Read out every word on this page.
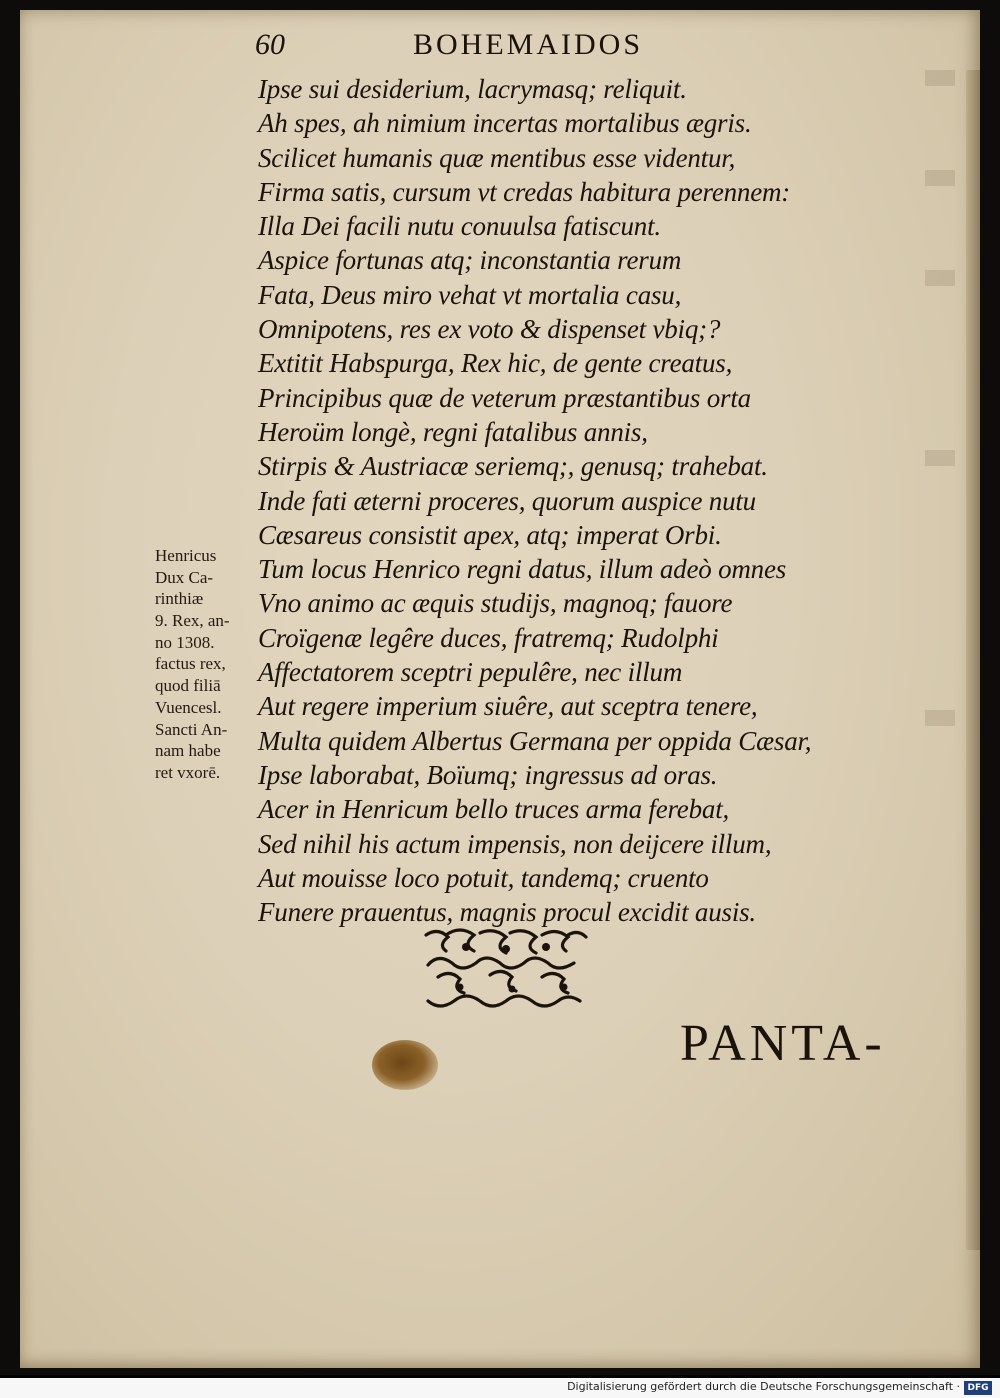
60	BOHEMAIDOS
Ipse sui desiderium, lacrymasq; reliquit.
Ah spes, ah nimium incertas mortalibus ægris.
Scilicet humanis quæ mentibus esse videntur,
Firma satis, cursum vt credas habitura perennem:
Illa Dei facili nutu conuulsa fatiscunt.
Aspice fortunas atq; inconstantia rerum
Fata, Deus miro vehat vt mortalia casu,
Omnipotens, res ex voto & dispenset vbiq;?
Extitit Habspurga, Rex hic, de gente creatus,
Principibus quæ de veterum præstantibus orta
Heroüm longè, regni fatalibus annis,
Stirpis & Austriacæ seriemq;, genusq; trahebat.
Inde fati æterni proceres, quorum auspice nutu
Cæsareus consistit apex, atq; imperat Orbi.
Tum locus Henrico regni datus, illum adeò omnes
Vno animo ac æquis studijs, magnoq; fauore
Croïgenæ legêre duces, fratremq; Rudolphi
Affectatorem sceptri pepulêre, nec illum
Aut regere imperium siuêre, aut sceptra tenere,
Multa quidem Albertus Germana per oppida Cæsar,
Ipse laborabat, Boïumq; ingressus ad oras.
Acer in Henricum bello truces arma ferebat,
Sed nihil his actum impensis, non deijcere illum,
Aut mouisse loco potuit, tandemq; cruento
Funere prauentus, magnis procul excidit ausis.
Henricus
Dux Ca-
rinthiæ
9. Rex, an-
no 1308.
factus rex,
quod filiā
Vuencesl.
Sancti An-
nam habe
ret vxorē.
PANTA-
Digitalisierung gefördert durch die Deutsche Forschungsgemeinschaft · DFG
